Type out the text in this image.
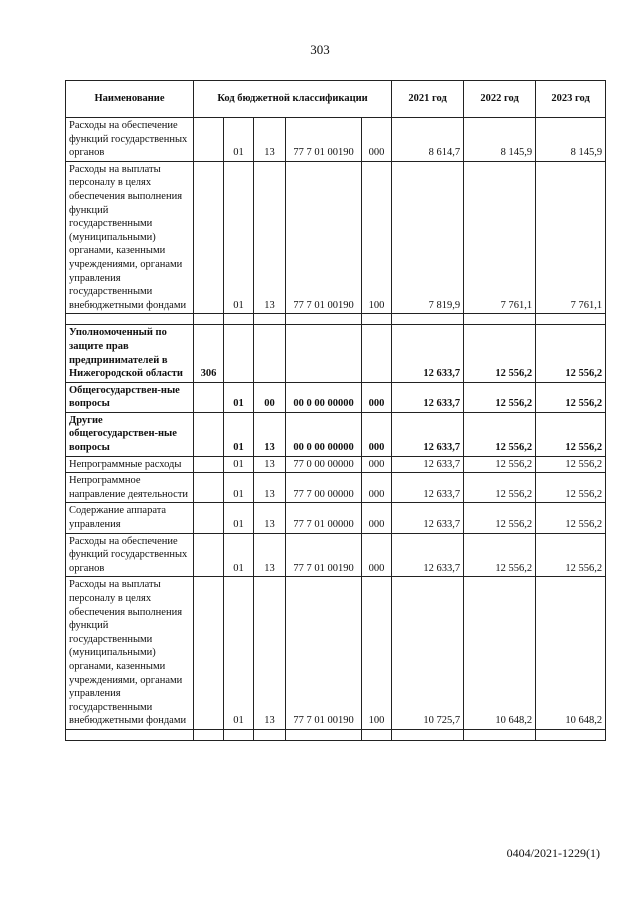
303
Наименование	Код бюджетной классификации					2021 год	2022 год	2023 год
Расходы на обеспечение функций государственных органов		01	13	77 7 01 00190	000	8 614,7	8 145,9	8 145,9
Расходы на выплаты персоналу в целях обеспечения выполнения функций государственными (муниципальными) органами, казенными учреждениями, органами управления государственными внебюджетными фондами		01	13	77 7 01 00190	100	7 819,9	7 761,1	7 761,1

Уполномоченный по защите прав предпринимателей в Нижегородской области	306					12 633,7	12 556,2	12 556,2
Общегосударствен-ные вопросы		01	00	00 0 00 00000	000	12 633,7	12 556,2	12 556,2
Другие общегосударствен-ные вопросы		01	13	00 0 00 00000	000	12 633,7	12 556,2	12 556,2
Непрограммные расходы		01	13	77 0 00 00000	000	12 633,7	12 556,2	12 556,2
Непрограммное направление деятельности		01	13	77 7 00 00000	000	12 633,7	12 556,2	12 556,2
Содержание аппарата управления		01	13	77 7 01 00000	000	12 633,7	12 556,2	12 556,2
Расходы на обеспечение функций государственных органов		01	13	77 7 01 00190	000	12 633,7	12 556,2	12 556,2
Расходы на выплаты персоналу в целях обеспечения выполнения функций государственными (муниципальными) органами, казенными учреждениями, органами управления государственными внебюджетными фондами		01	13	77 7 01 00190	100	10 725,7	10 648,2	10 648,2

0404/2021-1229(1)
